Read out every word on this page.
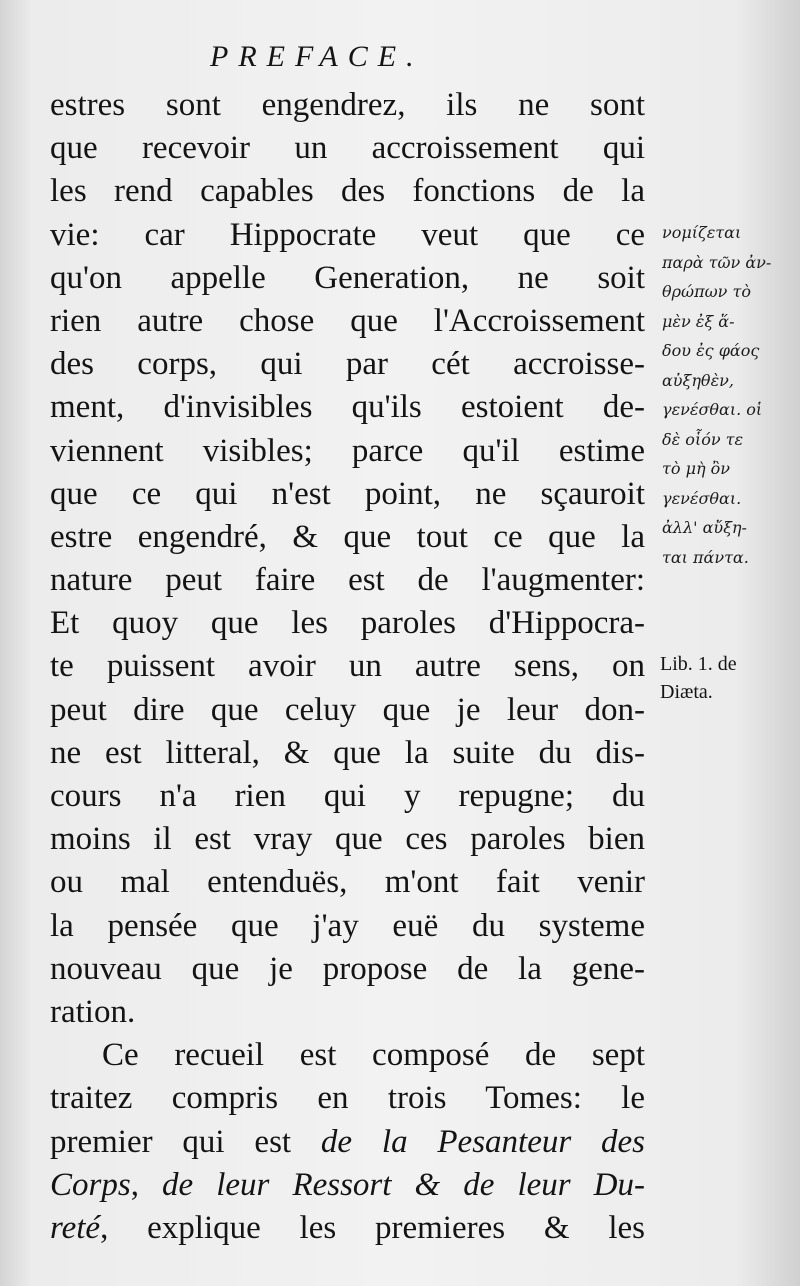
PREFACE.
estres sont engendrez, ils ne sont
que recevoir un accroissement qui
les rend capables des fonctions de la
vie: car Hippocrate veut que ce
qu'on appelle Generation, ne soit
rien autre chose que l'Accroissement
des corps, qui par cét accroisse-
ment, d'invisibles qu'ils estoient de-
viennent visibles; parce qu'il estime
que ce qui n'est point, ne sçauroit
estre engendré, & que tout ce que la
nature peut faire est de l'augmenter:
Et quoy que les paroles d'Hippocra-
te puissent avoir un autre sens, on
peut dire que celuy que je leur don-
ne est litteral, & que la suite du dis-
cours n'a rien qui y repugne; du
moins il est vray que ces paroles bien
ou mal entenduës, m'ont fait venir
la pensée que j'ay euë du systeme
nouveau que je propose de la gene-
ration.
Ce recueil est composé de sept
traitez compris en trois Tomes: le
premier qui est de la Pesanteur des
Corps, de leur Ressort & de leur Du-
reté, explique les premieres & les
νομίζεται
παρὰ τῶν ἀν-
θρώπων τὸ
μὲν ἐξ ἅ-
δου ἐς φάος
αὐξηθὲν,
γενέσθαι. οἱ
δὲ οἷόν τε
τὸ μὴ ὂν
γενέσθαι.
ἀλλ' αὔξη-
ται πάντα.
Lib. 1. de
Diæta.
